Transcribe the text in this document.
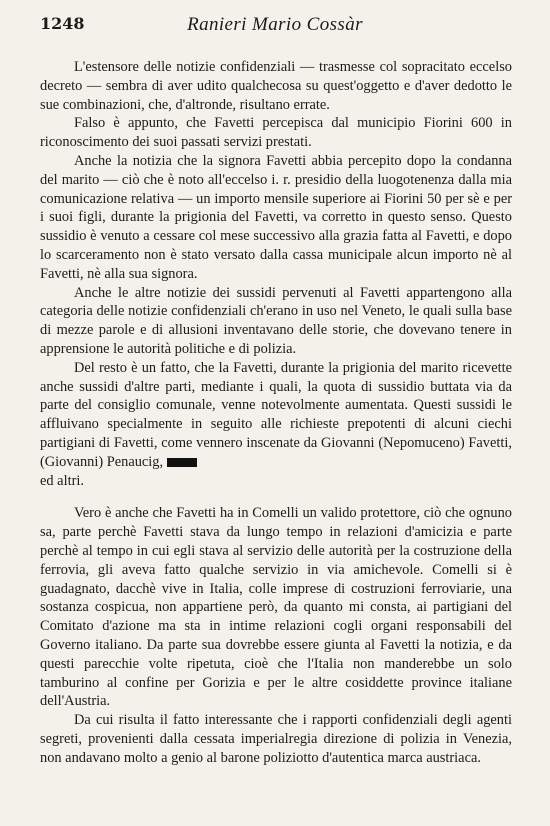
1248	Ranieri Mario Cossàr

L'estensore delle notizie confidenziali — trasmesse col sopracitato eccelso decreto — sembra di aver udito qualchecosa su quest'oggetto e d'aver dedotto le sue combinazioni, che, d'altronde, risultano errate.

Falso è appunto, che Favetti percepisca dal municipio Fiorini 600 in riconoscimento dei suoi passati servizi prestati.

Anche la notizia che la signora Favetti abbia percepito dopo la condanna del marito — ciò che è noto all'eccelso i. r. presidio della luogotenenza dalla mia comunicazione relativa — un importo mensile superiore ai Fiorini 50 per sè e per i suoi figli, durante la prigionia del Favetti, va corretto in questo senso. Questo sussidio è venuto a cessare col mese successivo alla grazia fatta al Favetti, e dopo lo scarceramento non è stato versato dalla cassa municipale alcun importo nè al Favetti, nè alla sua signora.

Anche le altre notizie dei sussidi pervenuti al Favetti appartengono alla categoria delle notizie confidenziali ch'erano in uso nel Veneto, le quali sulla base di mezze parole e di allusioni inventavano delle storie, che dovevano tenere in apprensione le autorità politiche e di polizia.

Del resto è un fatto, che la Favetti, durante la prigionia del marito ricevette anche sussidi d'altre parti, mediante i quali, la quota di sussidio buttata via da parte del consiglio comunale, venne notevolmente aumentata. Questi sussidi le affluivano specialmente in seguito alle richieste prepotenti di alcuni ciechi partigiani di Favetti, come vennero inscenate da Giovanni (Nepomuceno) Favetti, (Giovanni) Penaucig,

ed altri.

Vero è anche che Favetti ha in Comelli un valido protettore, ciò che ognuno sa, parte perchè Favetti stava da lungo tempo in relazioni d'amicizia e parte perchè al tempo in cui egli stava al servizio delle autorità per la costruzione della ferrovia, gli aveva fatto qualche servizio in via amichevole. Comelli si è guadagnato, dacchè vive in Italia, colle imprese di costruzioni ferroviarie, una sostanza cospicua, non appartiene però, da quanto mi consta, ai partigiani del Comitato d'azione ma sta in intime relazioni cogli organi responsabili del Governo italiano. Da parte sua dovrebbe essere giunta al Favetti la notizia, e da questi parecchie volte ripetuta, cioè che l'Italia non manderebbe un solo tamburino al confine per Gorizia e per le altre cosiddette province italiane dell'Austria.

Da cui risulta il fatto interessante che i rapporti confidenziali degli agenti segreti, provenienti dalla cessata imperialregia direzione di polizia in Venezia, non andavano molto a genio al barone poliziotto d'autentica marca austriaca.
